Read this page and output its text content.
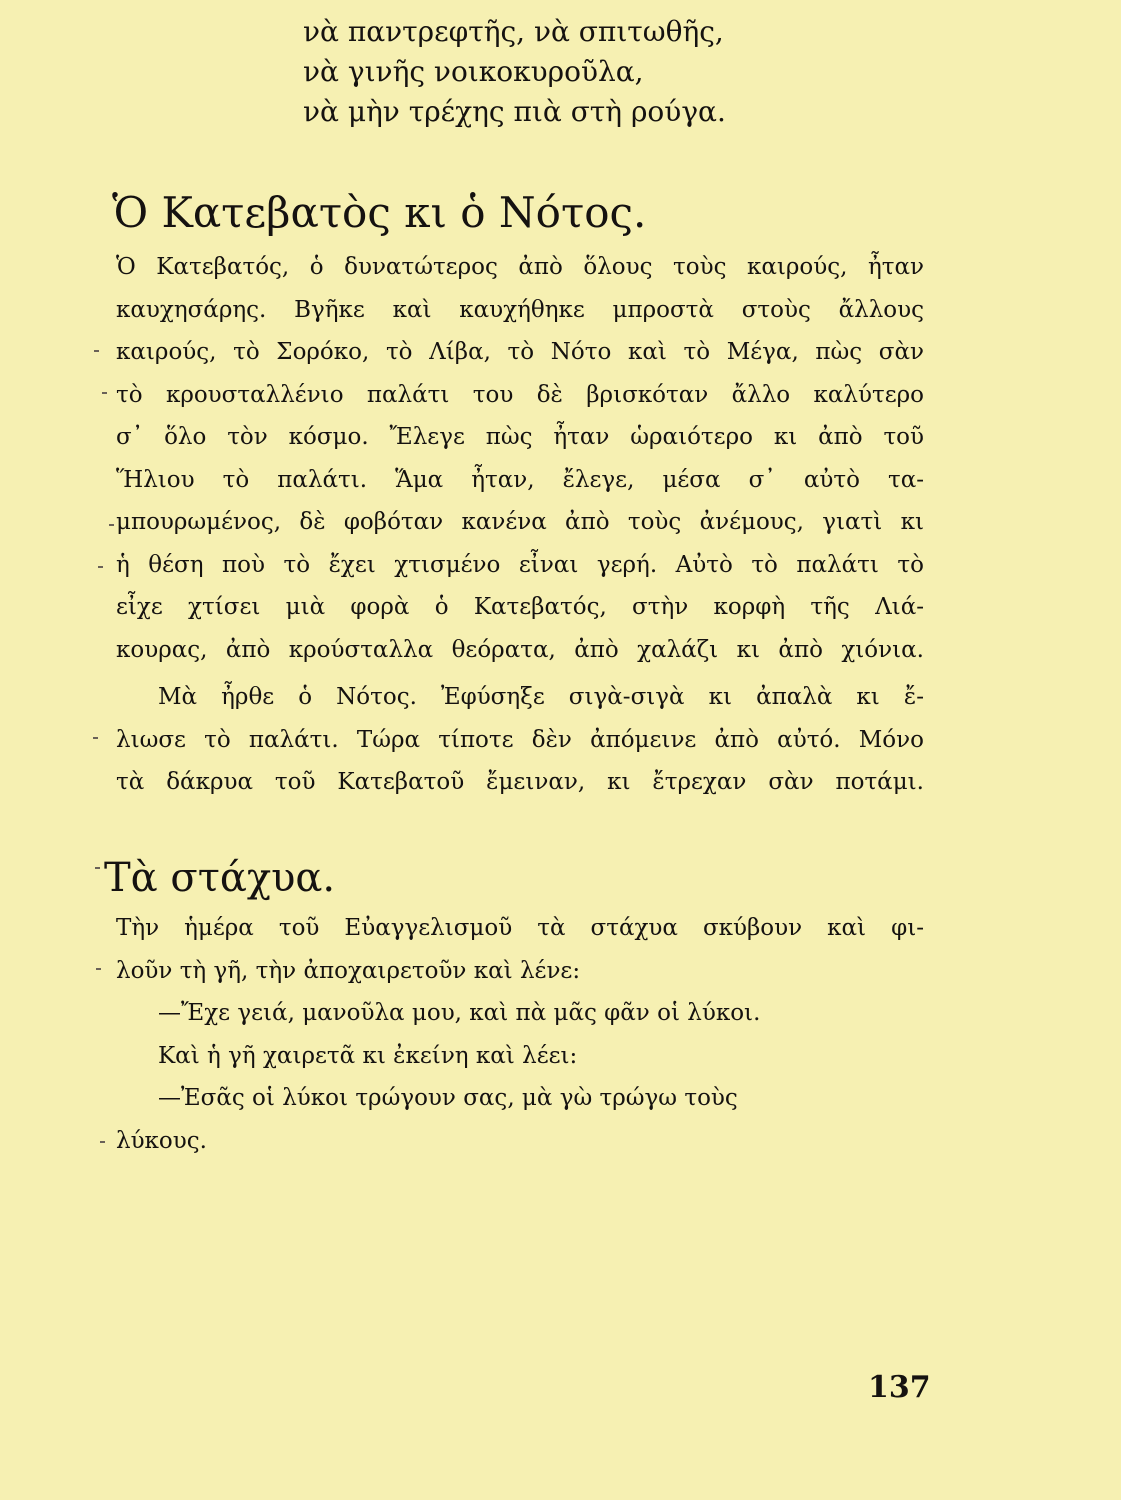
νὰ παντρεφτῆς, νὰ σπιτωθῆς,
νὰ γινῆς νοικοκυροῦλα,
νὰ μὴν τρέχης πιὰ στὴ ρούγα.
Ὁ Κατεβατὸς κι ὁ Νότος.
Ὁ Κατεβατός, ὁ δυνατώτερος ἀπὸ ὅλους τοὺς καιρούς, ἦταν
καυχησάρης. Βγῆκε καὶ καυχήθηκε μπροστὰ στοὺς ἄλλους
καιρούς, τὸ Σορόκο, τὸ Λίβα, τὸ Νότο καὶ τὸ Μέγα, πὼς σὰν
τὸ κρουσταλλένιο παλάτι του δὲ βρισκόταν ἄλλο καλύτερο
σ᾽ ὅλο τὸν κόσμο. Ἔλεγε πὼς ἦταν ὡραιότερο κι ἀπὸ τοῦ
Ἥλιου τὸ παλάτι. Ἅμα ἦταν, ἔλεγε, μέσα σ᾽ αὐτὸ τα-
μπουρωμένος, δὲ φοβόταν κανένα ἀπὸ τοὺς ἀνέμους, γιατὶ κι
ἡ θέση ποὺ τὸ ἔχει χτισμένο εἶναι γερή. Αὐτὸ τὸ παλάτι τὸ
εἶχε χτίσει μιὰ φορὰ ὁ Κατεβατός, στὴν κορφὴ τῆς Λιά-
κουρας, ἀπὸ κρούσταλλα θεόρατα, ἀπὸ χαλάζι κι ἀπὸ χιόνια.
Μὰ ἦρθε ὁ Νότος. Ἐφύσηξε σιγὰ-σιγὰ κι ἀπαλὰ κι ἔ-
λιωσε τὸ παλάτι. Τώρα τίποτε δὲν ἀπόμεινε ἀπὸ αὐτό. Μόνο
τὰ δάκρυα τοῦ Κατεβατοῦ ἔμειναν, κι ἔτρεχαν σὰν ποτάμι.
Τὰ στάχυα.
Τὴν ἡμέρα τοῦ Εὐαγγελισμοῦ τὰ στάχυα σκύβουν καὶ φι-
λοῦν τὴ γῆ, τὴν ἀποχαιρετοῦν καὶ λένε:
—Ἔχε γειά, μανοῦλα μου, καὶ πὰ μᾶς φᾶν οἱ λύκοι.
Καὶ ἡ γῆ χαιρετᾶ κι ἐκείνη καὶ λέει:
—Ἐσᾶς οἱ λύκοι τρώγουν σας, μὰ γὼ τρώγω τοὺς
λύκους.
137
